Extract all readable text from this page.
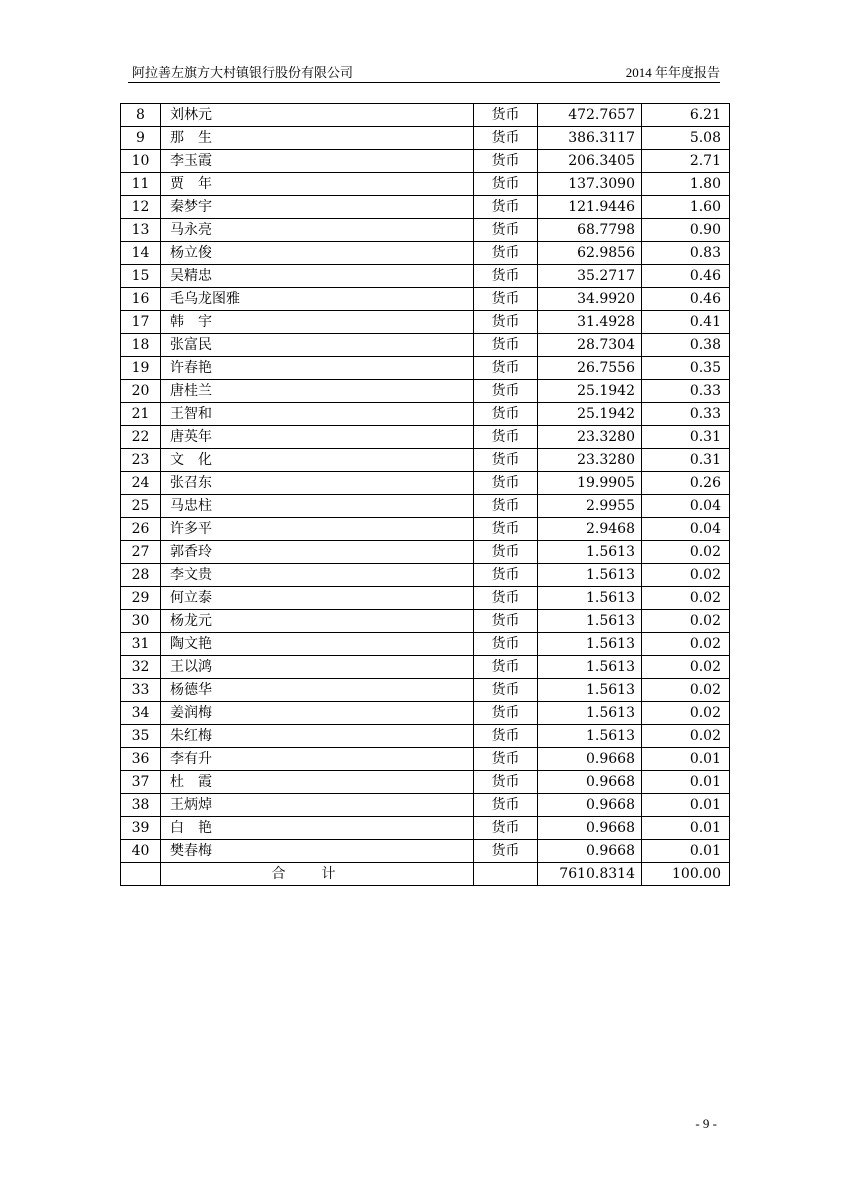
阿拉善左旗方大村镇银行股份有限公司	2014 年年度报告
8	刘林元	货币	472.7657	6.21
9	那　生	货币	386.3117	5.08
10	李玉霞	货币	206.3405	2.71
11	贾　年	货币	137.3090	1.80
12	秦梦宇	货币	121.9446	1.60
13	马永亮	货币	68.7798	0.90
14	杨立俊	货币	62.9856	0.83
15	吴精忠	货币	35.2717	0.46
16	毛乌龙图雅	货币	34.9920	0.46
17	韩　宇	货币	31.4928	0.41
18	张富民	货币	28.7304	0.38
19	许春艳	货币	26.7556	0.35
20	唐桂兰	货币	25.1942	0.33
21	王智和	货币	25.1942	0.33
22	唐英年	货币	23.3280	0.31
23	文　化	货币	23.3280	0.31
24	张召东	货币	19.9905	0.26
25	马忠柱	货币	2.9955	0.04
26	许多平	货币	2.9468	0.04
27	郭香玲	货币	1.5613	0.02
28	李文贵	货币	1.5613	0.02
29	何立泰	货币	1.5613	0.02
30	杨龙元	货币	1.5613	0.02
31	陶文艳	货币	1.5613	0.02
32	王以鸿	货币	1.5613	0.02
33	杨德华	货币	1.5613	0.02
34	姜润梅	货币	1.5613	0.02
35	朱红梅	货币	1.5613	0.02
36	李有升	货币	0.9668	0.01
37	杜　霞	货币	0.9668	0.01
38	王炳焯	货币	0.9668	0.01
39	白　艳	货币	0.9668	0.01
40	樊春梅	货币	0.9668	0.01
	合计		7610.8314	100.00
- 9 -
